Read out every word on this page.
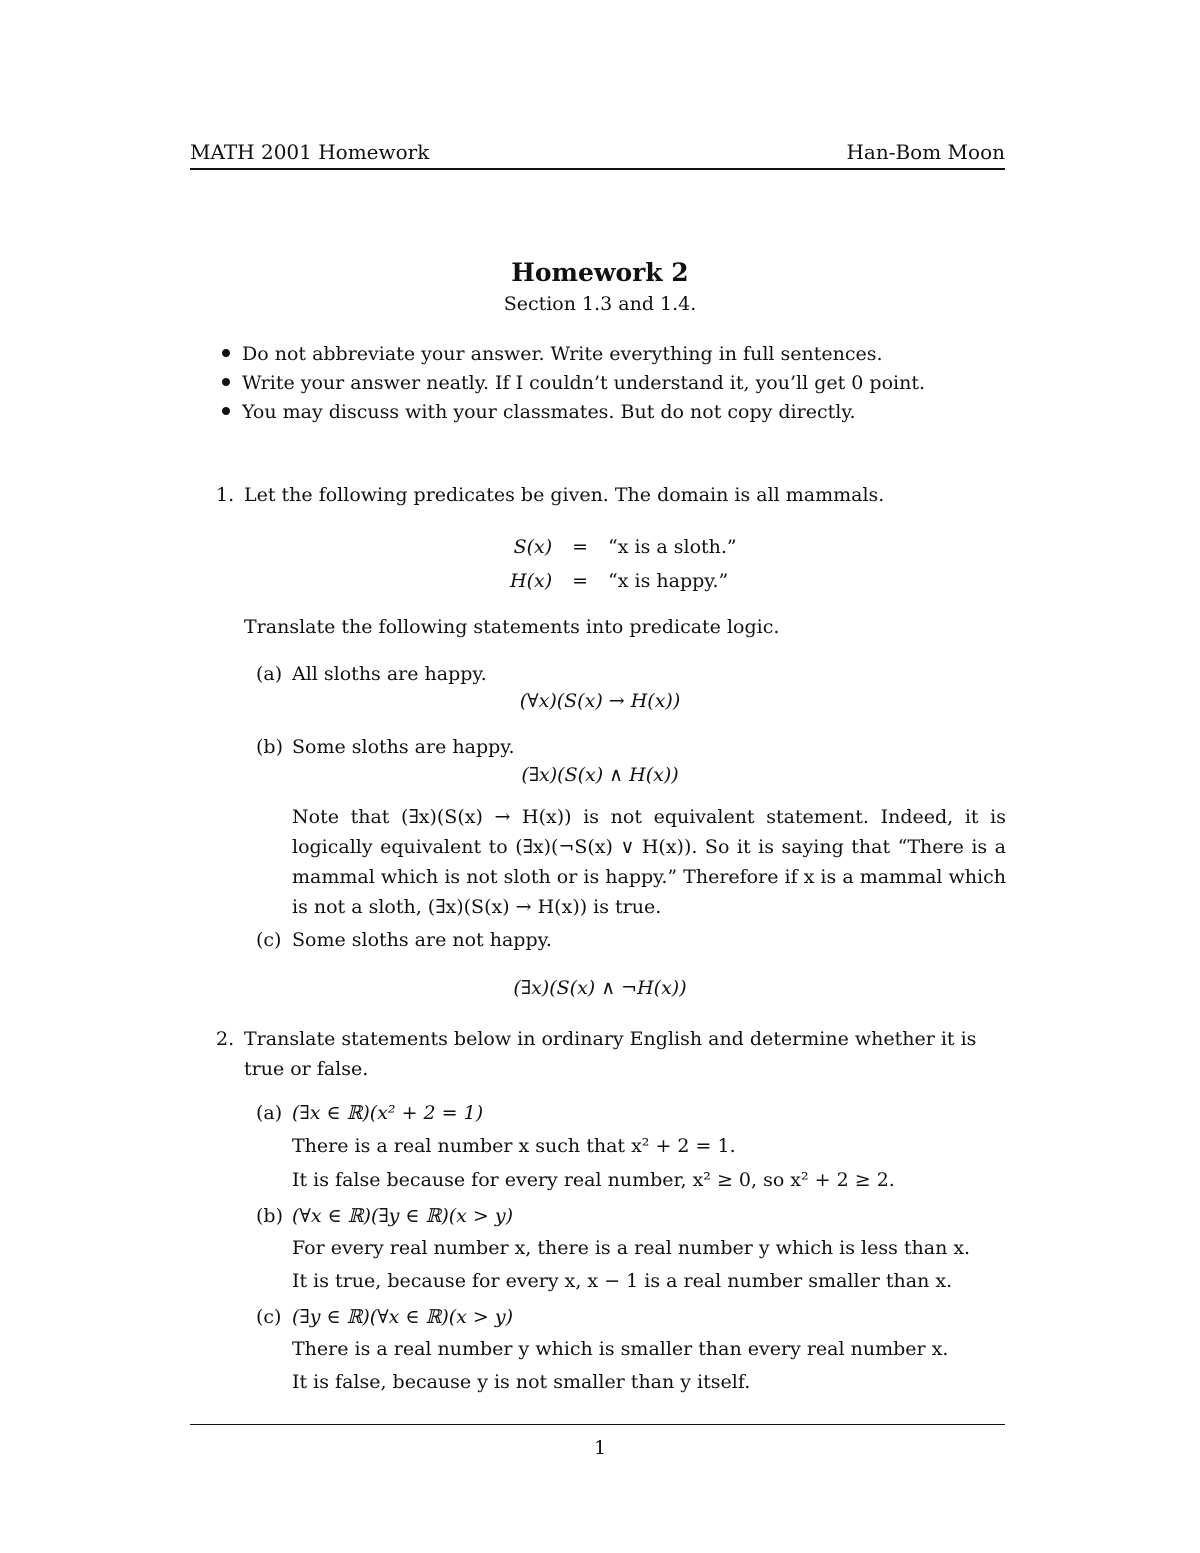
MATH 2001 Homework	Han-Bom Moon
Homework 2
Section 1.3 and 1.4.
Do not abbreviate your answer. Write everything in full sentences.
Write your answer neatly. If I couldn’t understand it, you’ll get 0 point.
You may discuss with your classmates. But do not copy directly.
1. Let the following predicates be given. The domain is all mammals.
S(x)	=	“x is a sloth.”
H(x)	=	“x is happy.”
Translate the following statements into predicate logic.
(a) All sloths are happy.
(∀x)(S(x) → H(x))
(b) Some sloths are happy.
(∃x)(S(x) ∧ H(x))
Note that (∃x)(S(x) → H(x)) is not equivalent statement. Indeed, it is logically equivalent to (∃x)(¬S(x) ∨ H(x)). So it is saying that “There is a mammal which is not sloth or is happy.” Therefore if x is a mammal which is not a sloth, (∃x)(S(x) → H(x)) is true.
(c) Some sloths are not happy.
(∃x)(S(x) ∧ ¬H(x))
2. Translate statements below in ordinary English and determine whether it is true or false.
(a) (∃x ∈ ℝ)(x² + 2 = 1)
There is a real number x such that x² + 2 = 1.
It is false because for every real number, x² ≥ 0, so x² + 2 ≥ 2.
(b) (∀x ∈ ℝ)(∃y ∈ ℝ)(x > y)
For every real number x, there is a real number y which is less than x.
It is true, because for every x, x − 1 is a real number smaller than x.
(c) (∃y ∈ ℝ)(∀x ∈ ℝ)(x > y)
There is a real number y which is smaller than every real number x.
It is false, because y is not smaller than y itself.
1
